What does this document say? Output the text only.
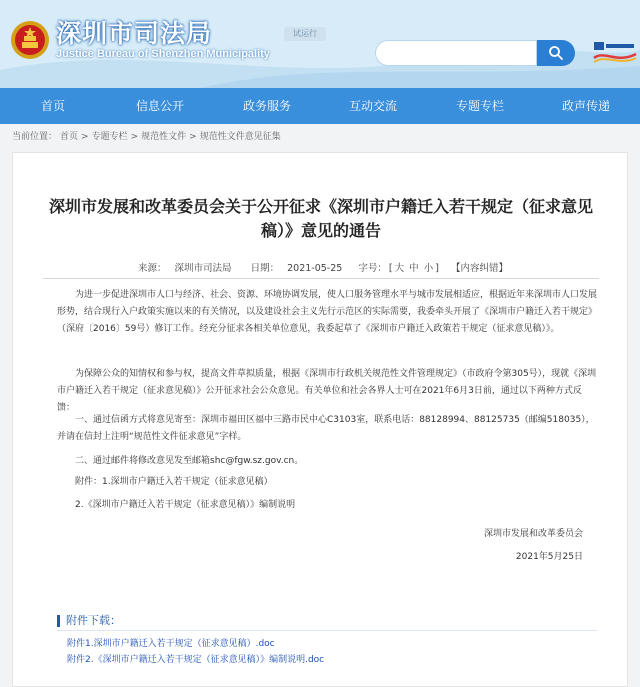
深圳市司法局
Justice Bureau of Shenzhen Municipality
试运行
首页	信息公开	政务服务	互动交流	专题专栏	政声传递
当前位置： 首页 > 专题专栏 > 规范性文件 > 规范性文件意见征集
深圳市发展和改革委员会关于公开征求《深圳市户籍迁入若干规定（征求意见稿）》意见的通告
来源： 深圳市司法局 日期： 2021-05-25 字号： [ 大 中 小 ] 【内容纠错】
为进一步促进深圳市人口与经济、社会、资源、环境协调发展，使人口服务管理水平与城市发展相适应，根据近年来深圳市人口发展形势，结合现行入户政策实施以来的有关情况，以及建设社会主义先行示范区的实际需要，我委牵头开展了《深圳市户籍迁入若干规定》（深府〔2016〕59号）修订工作。经充分征求各相关单位意见，我委起草了《深圳市户籍迁入政策若干规定（征求意见稿）》。
为保障公众的知情权和参与权，提高文件草拟质量，根据《深圳市行政机关规范性文件管理规定》（市政府令第305号），现就《深圳市户籍迁入若干规定（征求意见稿）》公开征求社会公众意见。有关单位和社会各界人士可在2021年6月3日前，通过以下两种方式反馈：
一、通过信函方式将意见寄至：深圳市福田区福中三路市民中心C3103室，联系电话：88128994、88125735（邮编518035），并请在信封上注明“规范性文件征求意见”字样。
二、通过邮件将修改意见发至邮箱shc@fgw.sz.gov.cn。
附件：1.深圳市户籍迁入若干规定（征求意见稿）
2.《深圳市户籍迁入若干规定（征求意见稿）》编制说明
深圳市发展和改革委员会
2021年5月25日
附件下载：
附件1.深圳市户籍迁入若干规定（征求意见稿）.doc
附件2.《深圳市户籍迁入若干规定（征求意见稿）》编制说明.doc
